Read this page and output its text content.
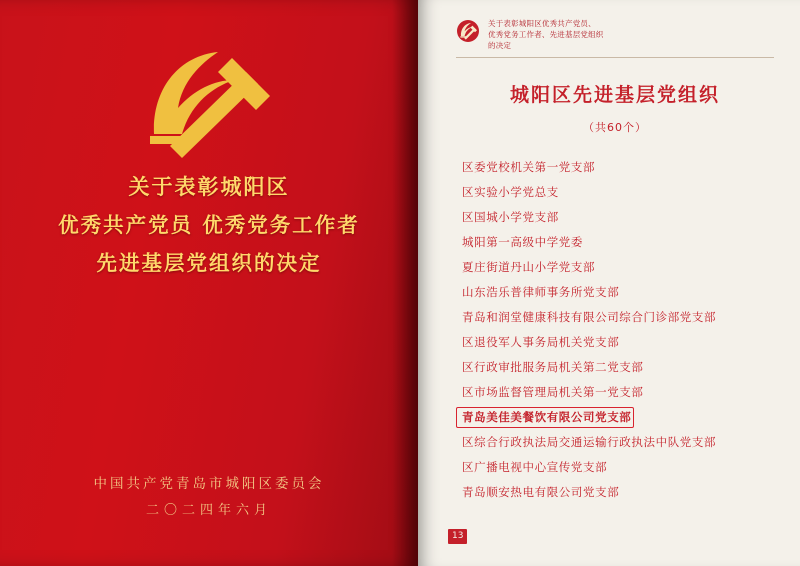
关于表彰城阳区
优秀共产党员 优秀党务工作者
先进基层党组织的决定
中国共产党青岛市城阳区委员会
二〇二四年六月
关于表彰城阳区优秀共产党员、
优秀党务工作者、先进基层党组织
的决定
城阳区先进基层党组织
（共60个）
区委党校机关第一党支部
区实验小学党总支
区国城小学党支部
城阳第一高级中学党委
夏庄街道丹山小学党支部
山东浩乐普律师事务所党支部
青岛和润堂健康科技有限公司综合门诊部党支部
区退役军人事务局机关党支部
区行政审批服务局机关第二党支部
区市场监督管理局机关第一党支部
青岛美佳美餐饮有限公司党支部
区综合行政执法局交通运输行政执法中队党支部
区广播电视中心宣传党支部
青岛顺安热电有限公司党支部
13
